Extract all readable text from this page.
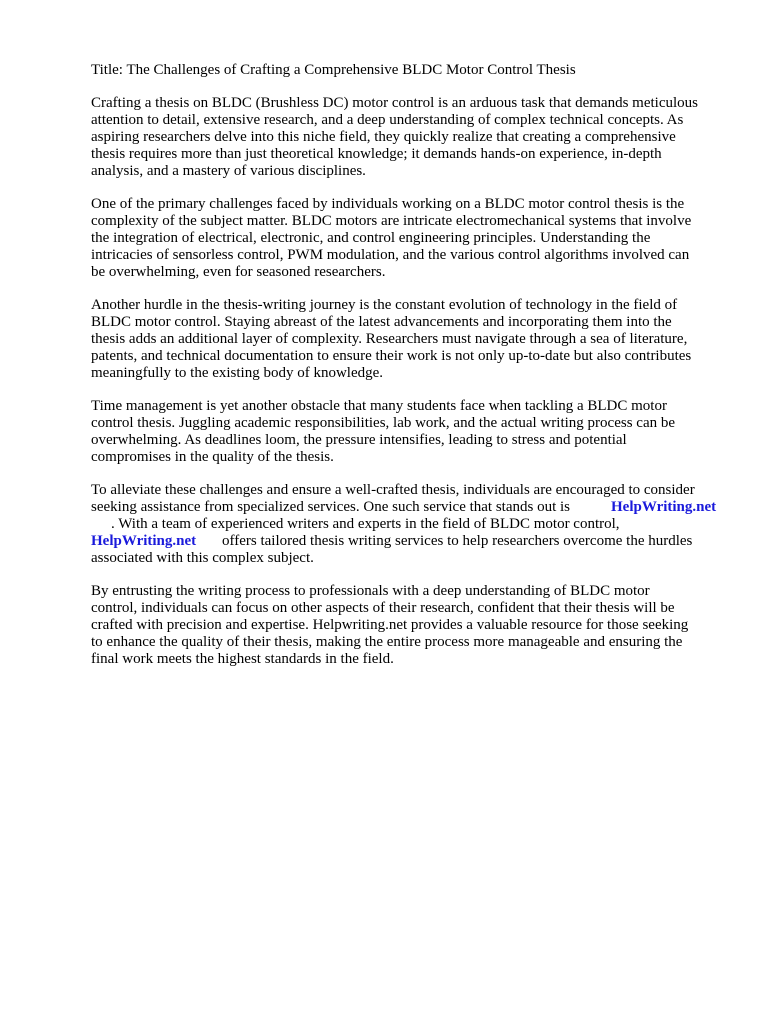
Title: The Challenges of Crafting a Comprehensive BLDC Motor Control Thesis
Crafting a thesis on BLDC (Brushless DC) motor control is an arduous task that demands meticulous
attention to detail, extensive research, and a deep understanding of complex technical concepts. As
aspiring researchers delve into this niche field, they quickly realize that creating a comprehensive
thesis requires more than just theoretical knowledge; it demands hands-on experience, in-depth
analysis, and a mastery of various disciplines.
One of the primary challenges faced by individuals working on a BLDC motor control thesis is the
complexity of the subject matter. BLDC motors are intricate electromechanical systems that involve
the integration of electrical, electronic, and control engineering principles. Understanding the
intricacies of sensorless control, PWM modulation, and the various control algorithms involved can
be overwhelming, even for seasoned researchers.
Another hurdle in the thesis-writing journey is the constant evolution of technology in the field of
BLDC motor control. Staying abreast of the latest advancements and incorporating them into the
thesis adds an additional layer of complexity. Researchers must navigate through a sea of literature,
patents, and technical documentation to ensure their work is not only up-to-date but also contributes
meaningfully to the existing body of knowledge.
Time management is yet another obstacle that many students face when tackling a BLDC motor
control thesis. Juggling academic responsibilities, lab work, and the actual writing process can be
overwhelming. As deadlines loom, the pressure intensifies, leading to stress and potential
compromises in the quality of the thesis.
To alleviate these challenges and ensure a well-crafted thesis, individuals are encouraged to consider
seeking assistance from specialized services. One such service that stands out is	HelpWriting.net
. With a team of experienced writers and experts in the field of BLDC motor control,
HelpWriting.net offers tailored thesis writing services to help researchers overcome the hurdles
associated with this complex subject.
By entrusting the writing process to professionals with a deep understanding of BLDC motor
control, individuals can focus on other aspects of their research, confident that their thesis will be
crafted with precision and expertise. Helpwriting.net provides a valuable resource for those seeking
to enhance the quality of their thesis, making the entire process more manageable and ensuring the
final work meets the highest standards in the field.
